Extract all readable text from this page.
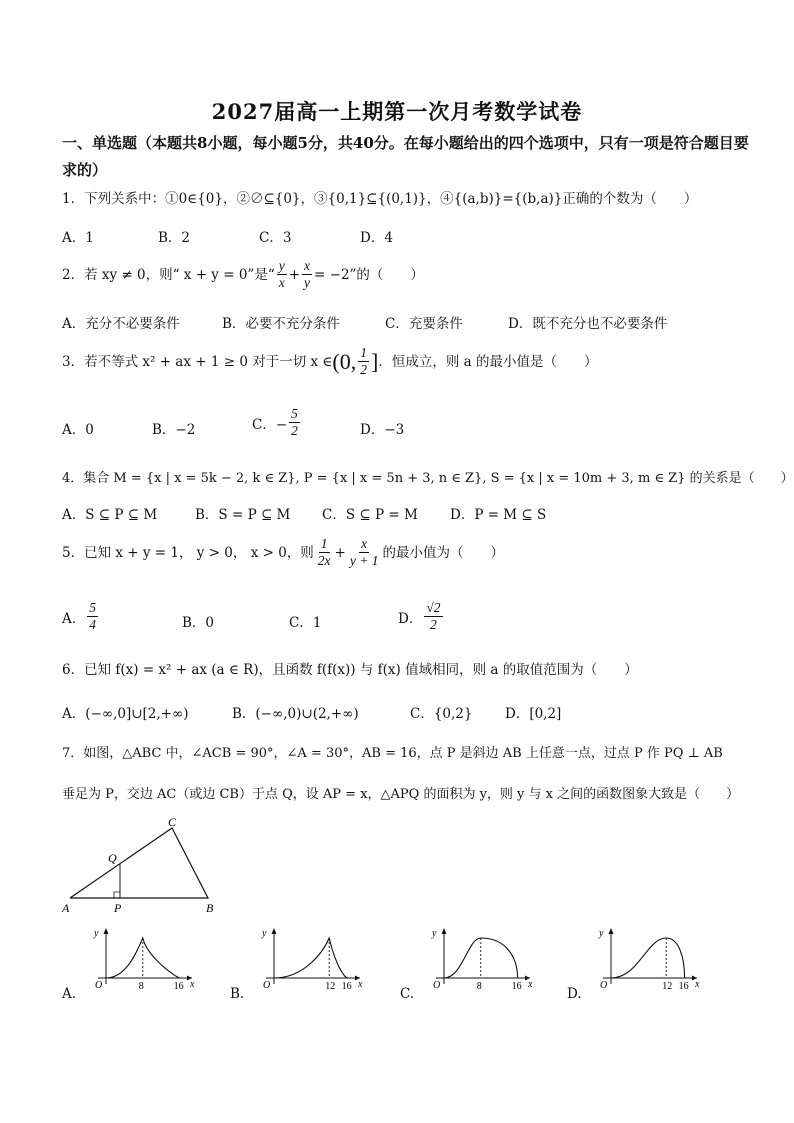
2027届高一上期第一次月考数学试卷
一、单选题（本题共8小题，每小题5分，共40分。在每小题给出的四个选项中，只有一项是符合题目要求的）
1．下列关系中：①0∈{0}，②∅⊆{0}，③{0,1}⊆{(0,1)}，④{(a,b)}={(b,a)}正确的个数为（　　）
A．1	B．2	C．3	D．4
2．若 xy ≠ 0，则“ x + y = 0”是“ $\frac{y}{x} + \frac{x}{y} = -2$”的（　　）
A．充分不必要条件	B．必要不充分条件	C．充要条件	D．既不充分也不必要条件
3．若不等式 x² + ax + 1 ≥ 0 对于一切 x ∈ (0, $\frac{1}{2}$ ] ．恒成立，则 a 的最小值是（　　）
A．0	B．−2	C．− $\frac{5}{2}$	D．−3
4．集合 M = {x | x = 5k − 2, k ∈ Z}, P = {x | x = 5n + 3, n ∈ Z}, S = {x | x = 10m + 3, m ∈ Z} 的关系是（　　）
A．S ⊆ P ⊆ M	B．S = P ⊆ M C．S ⊆ P = M D．P = M ⊆ S
5．已知 x + y = 1， y > 0， x > 0，则 $\frac{1}{2x} + \frac{x}{y + 1}$ 的最小值为（　　）
A． $\frac{5}{4}$	B．0	C．1	D． $\frac{√2}{2}$
6．已知 f(x) = x² + ax (a ∈ R)，且函数 f(f(x)) 与 f(x) 值域相同，则 a 的取值范围为（　　）
A．(−∞,0]∪[2,+∞)	B．(−∞,0)∪(2,+∞)	C．{0,2} D．[0,2]
7．如图，△ABC 中，∠ACB = 90°，∠A = 30°，AB = 16，点 P 是斜边 AB 上任意一点，过点 P 作 PQ ⊥ AB
垂足为 P，交边 AC（或边 CB）于点 Q，设 AP = x，△APQ 的面积为 y，则 y 与 x 之间的函数图象大致是（　　）
A	B
C
P
Q
A.
y
O	8	16 x
B.
y
O	12 16 x
C.
y
O	8	16 x
D.
y
O	12 16 x
